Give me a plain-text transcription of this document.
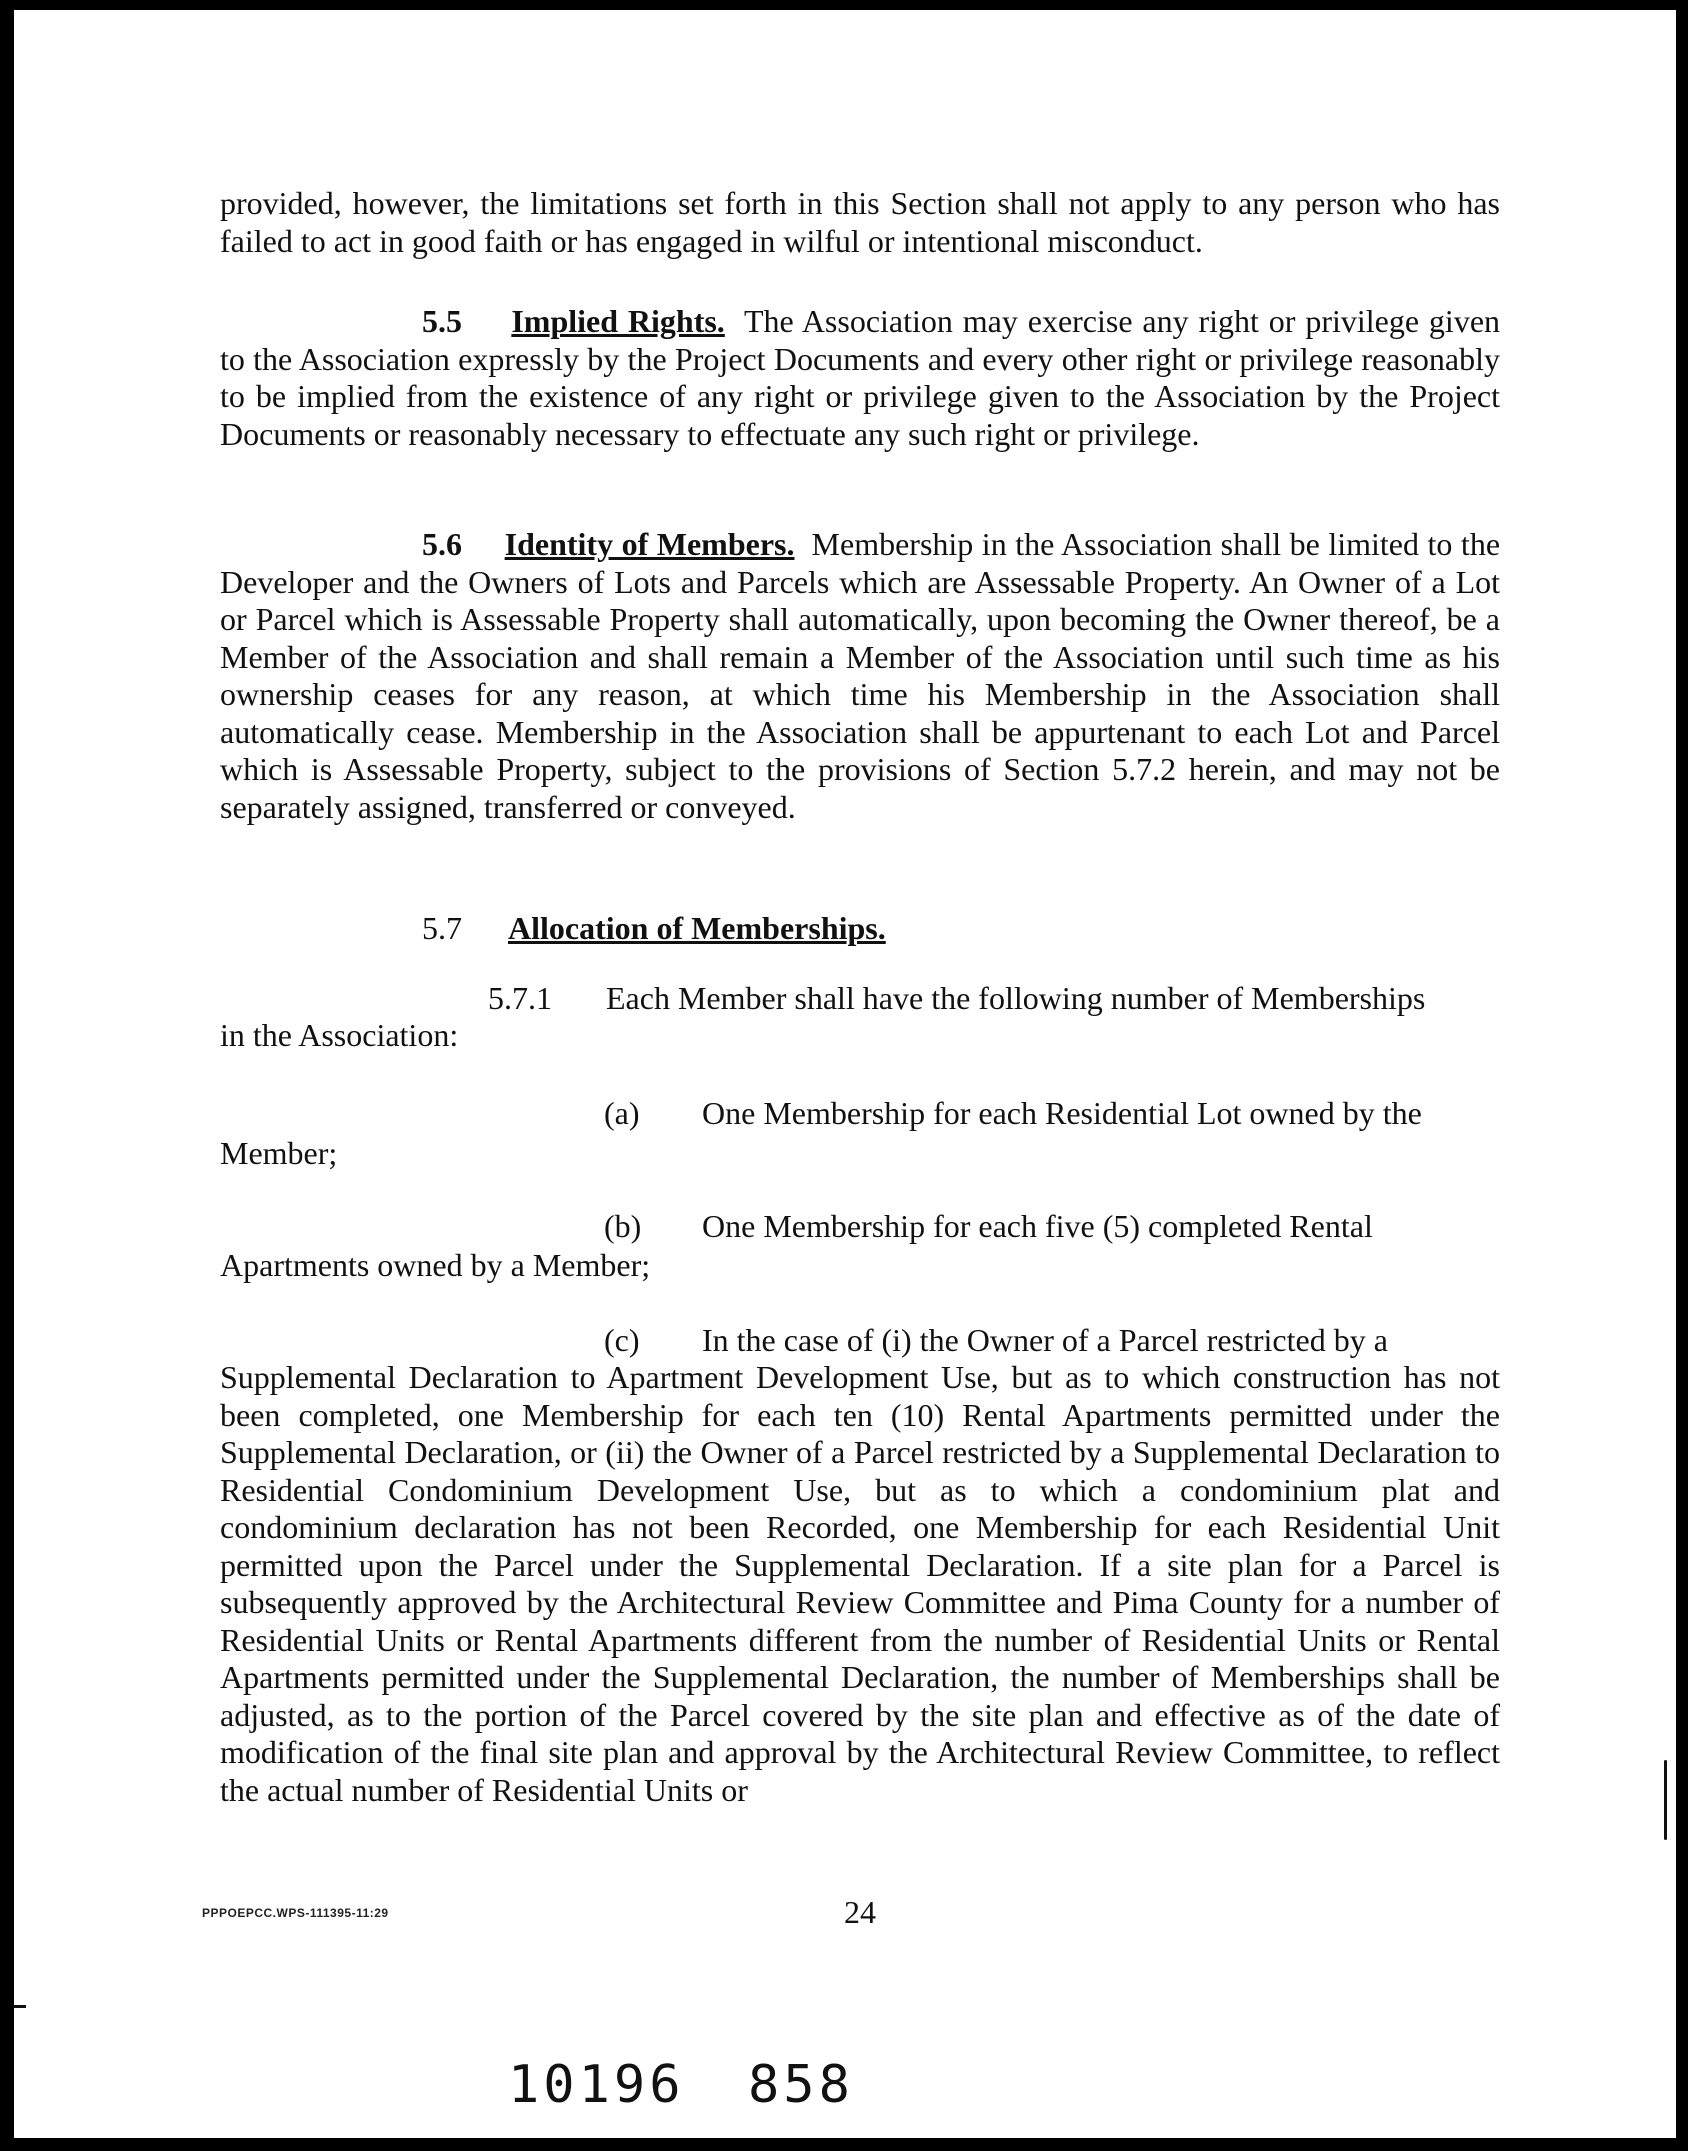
provided, however, the limitations set forth in this Section shall not apply to any person who has failed to act in good faith or has engaged in wilful or intentional misconduct.
5.5 Implied Rights. The Association may exercise any right or privilege given to the Association expressly by the Project Documents and every other right or privilege reasonably to be implied from the existence of any right or privilege given to the Association by the Project Documents or reasonably necessary to effectuate any such right or privilege.
5.6 Identity of Members. Membership in the Association shall be limited to the Developer and the Owners of Lots and Parcels which are Assessable Property. An Owner of a Lot or Parcel which is Assessable Property shall automatically, upon becoming the Owner thereof, be a Member of the Association and shall remain a Member of the Association until such time as his ownership ceases for any reason, at which time his Membership in the Association shall automatically cease. Membership in the Association shall be appurtenant to each Lot and Parcel which is Assessable Property, subject to the provisions of Section 5.7.2 herein, and may not be separately assigned, transferred or conveyed.
5.7 Allocation of Memberships.
5.7.1 Each Member shall have the following number of Memberships
in the Association:
(a) One Membership for each Residential Lot owned by the
Member;
(b) One Membership for each five (5) completed Rental
Apartments owned by a Member;
(c) In the case of (i) the Owner of a Parcel restricted by a
Supplemental Declaration to Apartment Development Use, but as to which construction has not been completed, one Membership for each ten (10) Rental Apartments permitted under the Supplemental Declaration, or (ii) the Owner of a Parcel restricted by a Supplemental Declaration to Residential Condominium Development Use, but as to which a condominium plat and condominium declaration has not been Recorded, one Membership for each Residential Unit permitted upon the Parcel under the Supplemental Declaration. If a site plan for a Parcel is subsequently approved by the Architectural Review Committee and Pima County for a number of Residential Units or Rental Apartments different from the number of Residential Units or Rental Apartments permitted under the Supplemental Declaration, the number of Memberships shall be adjusted, as to the portion of the Parcel covered by the site plan and effective as of the date of modification of the final site plan and approval by the Architectural Review Committee, to reflect the actual number of Residential Units or
PPPOEPCC.WPS-111395-11:29	24
10196 858
